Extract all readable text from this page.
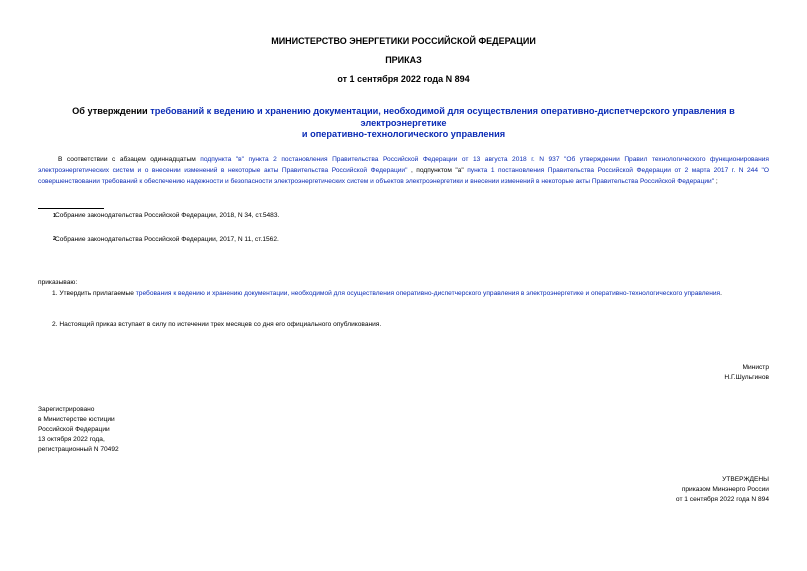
МИНИСТЕРСТВО ЭНЕРГЕТИКИ РОССИЙСКОЙ ФЕДЕРАЦИИ
ПРИКАЗ
от 1 сентября 2022 года N 894
Об утверждении требований к ведению и хранению документации, необходимой для осуществления оперативно-диспетчерского управления в электроэнергетике
и оперативно-технологического управления
В соответствии с абзацем одиннадцатым подпункта "в" пункта 2 постановления Правительства Российской Федерации от 13 августа 2018 г. N 937 "Об утверждении Правил технологического функционирования электроэнергетических систем и о внесении изменений в некоторые акты Правительства Российской Федерации" , подпунктом "а" пункта 1 постановления Правительства Российской Федерации от 2 марта 2017 г. N 244 "О совершенствовании требований к обеспечению надежности и безопасности электроэнергетических систем и объектов электроэнергетики и внесении изменений в некоторые акты Правительства Российской Федерации" ;
1 Собрание законодательства Российской Федерации, 2018, N 34, ст.5483.
2 Собрание законодательства Российской Федерации, 2017, N 11, ст.1562.
приказываю:
1. Утвердить прилагаемые требования к ведению и хранению документации, необходимой для осуществления оперативно-диспетчерского управления в электроэнергетике и оперативно-технологического управления.
2. Настоящий приказ вступает в силу по истечении трех месяцев со дня его официального опубликования.
Министр
Н.Г.Шульгинов
Зарегистрировано
в Министерстве юстиции
Российской Федерации
13 октября 2022 года,
регистрационный N 70492
УТВЕРЖДЕНЫ
приказом Минэнерго России
от 1 сентября 2022 года N 894
